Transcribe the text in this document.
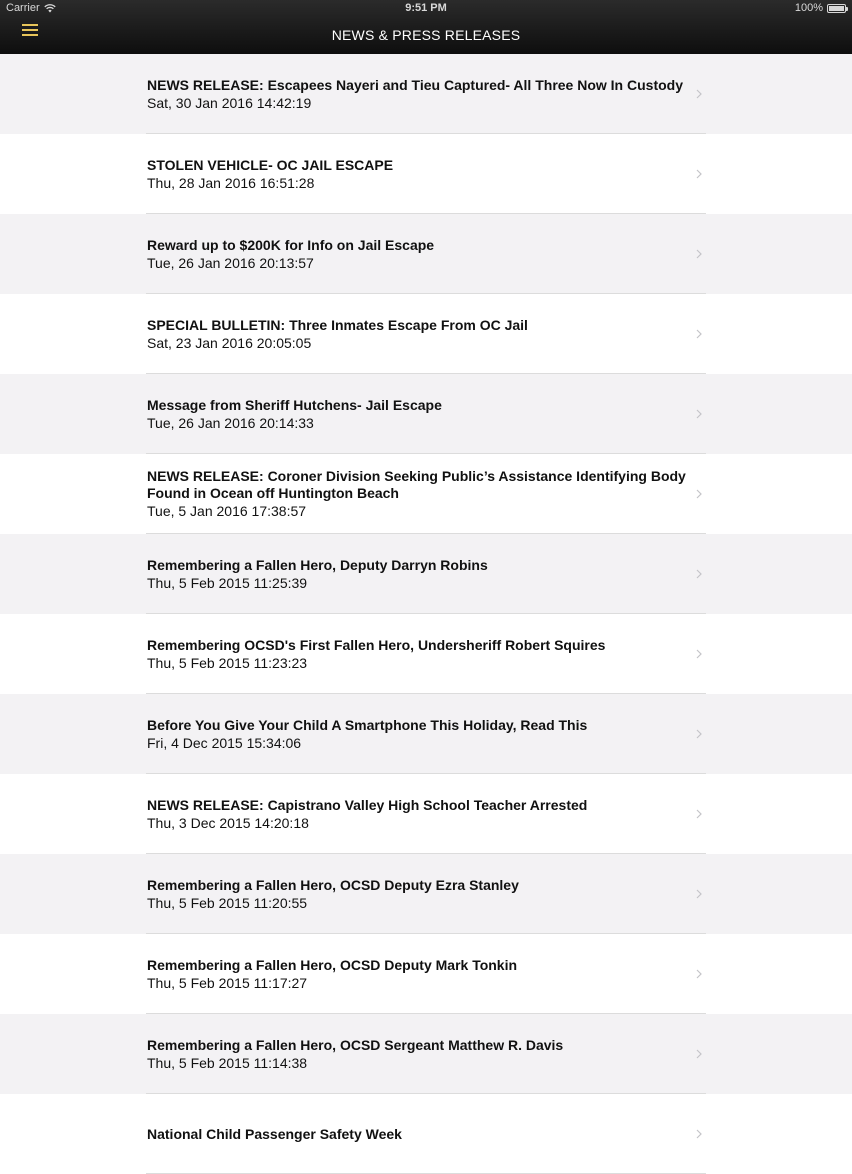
Carrier	9:51 PM	100%
NEWS & PRESS RELEASES
NEWS RELEASE: Escapees Nayeri and Tieu Captured- All Three Now In Custody
Sat, 30 Jan 2016 14:42:19
STOLEN VEHICLE- OC JAIL ESCAPE
Thu, 28 Jan 2016 16:51:28
Reward up to $200K for Info on Jail Escape
Tue, 26 Jan 2016 20:13:57
SPECIAL BULLETIN: Three Inmates Escape From OC Jail
Sat, 23 Jan 2016 20:05:05
Message from Sheriff Hutchens- Jail Escape
Tue, 26 Jan 2016 20:14:33
NEWS RELEASE: Coroner Division Seeking Public’s Assistance Identifying Body Found in Ocean off Huntington Beach
Tue, 5 Jan 2016 17:38:57
Remembering a Fallen Hero, Deputy Darryn Robins
Thu, 5 Feb 2015 11:25:39
Remembering OCSD's First Fallen Hero, Undersheriff Robert Squires
Thu, 5 Feb 2015 11:23:23
Before You Give Your Child A Smartphone This Holiday, Read This
Fri, 4 Dec 2015 15:34:06
NEWS RELEASE: Capistrano Valley High School Teacher Arrested
Thu, 3 Dec 2015 14:20:18
Remembering a Fallen Hero, OCSD Deputy Ezra Stanley
Thu, 5 Feb 2015 11:20:55
Remembering a Fallen Hero, OCSD Deputy Mark Tonkin
Thu, 5 Feb 2015 11:17:27
Remembering a Fallen Hero, OCSD Sergeant Matthew R. Davis
Thu, 5 Feb 2015 11:14:38
National Child Passenger Safety Week
